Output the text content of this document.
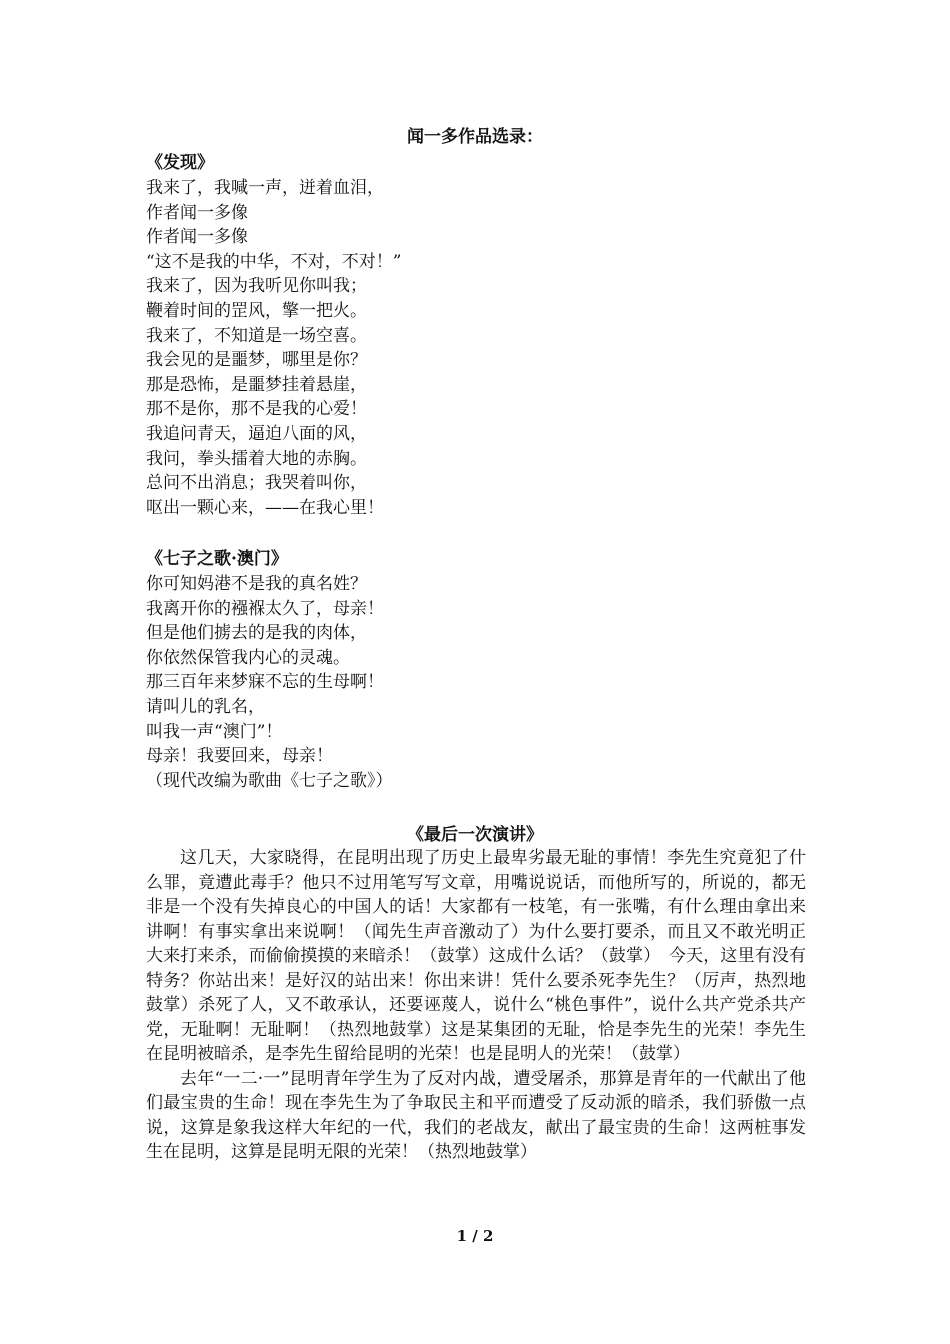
闻一多作品选录：
《发现》
我来了，我喊一声，迸着血泪，
作者闻一多像
作者闻一多像
“这不是我的中华，不对，不对！”
我来了，因为我听见你叫我；
鞭着时间的罡风，擎一把火。
我来了，不知道是一场空喜。
我会见的是噩梦，哪里是你？
那是恐怖，是噩梦挂着悬崖，
那不是你，那不是我的心爱！
我追问青天，逼迫八面的风，
我问，拳头擂着大地的赤胸。
总问不出消息；我哭着叫你，
呕出一颗心来，——在我心里！
《七子之歌·澳门》
你可知妈港不是我的真名姓？
我离开你的襁褓太久了，母亲！
但是他们掳去的是我的肉体，
你依然保管我内心的灵魂。
那三百年来梦寐不忘的生母啊！
请叫儿的乳名，
叫我一声“澳门”！
母亲！我要回来，母亲！
（现代改编为歌曲《七子之歌》）
《最后一次演讲》

这几天，大家晓得，在昆明出现了历史上最卑劣最无耻的事情！李先生究竟犯了什么罪，竟遭此毒手？他只不过用笔写写文章，用嘴说说话，而他所写的，所说的，都无非是一个没有失掉良心的中国人的话！大家都有一枝笔，有一张嘴，有什么理由拿出来讲啊！有事实拿出来说啊！（闻先生声音激动了）为什么要打要杀，而且又不敢光明正大来打来杀，而偷偷摸摸的来暗杀！（鼓掌）这成什么话？（鼓掌）　今天，这里有没有特务？你站出来！是好汉的站出来！你出来讲！凭什么要杀死李先生？（厉声，热烈地鼓掌）杀死了人，又不敢承认，还要诬蔑人，说什么“桃色事件”，说什么共产党杀共产党，无耻啊！无耻啊！（热烈地鼓掌）这是某集团的无耻，恰是李先生的光荣！李先生在昆明被暗杀，是李先生留给昆明的光荣！也是昆明人的光荣！（鼓掌）

去年“一二·一”昆明青年学生为了反对内战，遭受屠杀，那算是青年的一代献出了他们最宝贵的生命！现在李先生为了争取民主和平而遭受了反动派的暗杀，我们骄傲一点说，这算是象我这样大年纪的一代，我们的老战友，献出了最宝贵的生命！这两桩事发生在昆明，这算是昆明无限的光荣！（热烈地鼓掌）

1 / 2
